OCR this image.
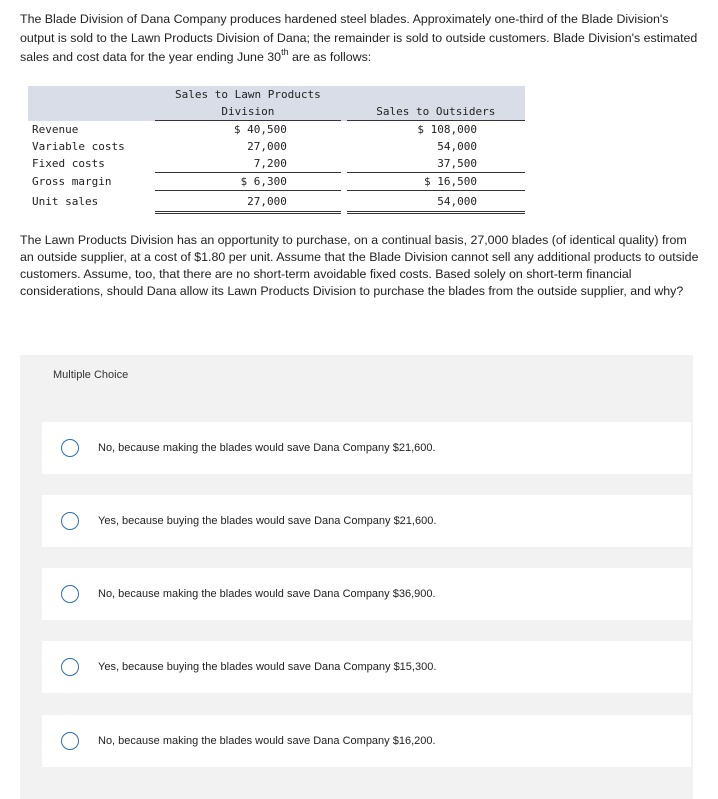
The Blade Division of Dana Company produces hardened steel blades. Approximately one-third of the Blade Division's output is sold to the Lawn Products Division of Dana; the remainder is sold to outside customers. Blade Division's estimated sales and cost data for the year ending June 30th are as follows:
	Sales to Lawn Products		
	Division		Sales to Outsiders
Revenue	$ 40,500		$ 108,000
Variable costs	27,000		54,000
Fixed costs	7,200		37,500
Gross margin	$ 6,300		$ 16,500
Unit sales	27,000		54,000
The Lawn Products Division has an opportunity to purchase, on a continual basis, 27,000 blades (of identical quality) from an outside supplier, at a cost of $1.80 per unit. Assume that the Blade Division cannot sell any additional products to outside customers. Assume, too, that there are no short-term avoidable fixed costs. Based solely on short-term financial considerations, should Dana allow its Lawn Products Division to purchase the blades from the outside supplier, and why?
Multiple Choice
No, because making the blades would save Dana Company $21,600.
Yes, because buying the blades would save Dana Company $21,600.
No, because making the blades would save Dana Company $36,900.
Yes, because buying the blades would save Dana Company $15,300.
No, because making the blades would save Dana Company $16,200.
